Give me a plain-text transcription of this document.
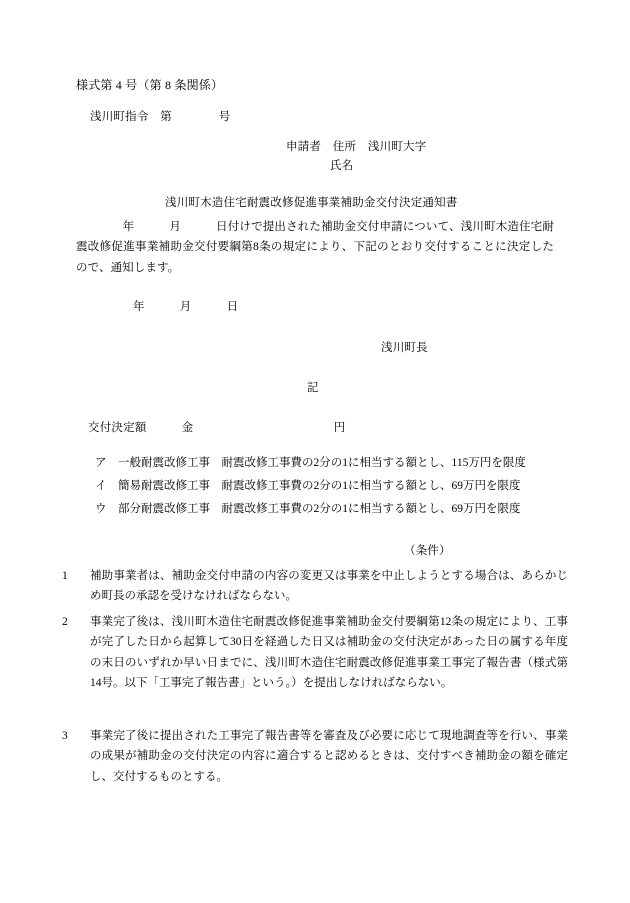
様式第 4 号（第 8 条関係）
浅川町指令　第　　　　号
申請者　住所　浅川町大字
氏名
浅川町木造住宅耐震改修促進事業補助金交付決定通知書
　　　　年　　　月　　　日付けで提出された補助金交付申請について、浅川町木造住宅耐震改修促進事業補助金交付要綱第8条の規定により、下記のとおり交付することに決定したので、通知します。
年　　　月　　　日
浅川町長
記
交付決定額　　　金　　　　　　　　　　　　円
ア　 一般耐震改修工事　 耐震改修工事費の2分の1に相当する額とし、115万円を限度
イ　 簡易耐震改修工事　 耐震改修工事費の2分の1に相当する額とし、69万円を限度
ウ　 部分耐震改修工事　 耐震改修工事費の2分の1に相当する額とし、69万円を限度
（条件）
1	補助事業者は、補助金交付申請の内容の変更又は事業を中止しようとする場合は、あらかじめ町長の承認を受けなければならない。
2	事業完了後は、浅川町木造住宅耐震改修促進事業補助金交付要綱第12条の規定により、工事が完了した日から起算して30日を経過した日又は補助金の交付決定があった日の属する年度の末日のいずれか早い日までに、浅川町木造住宅耐震改修促進事業工事完了報告書（様式第14号。以下「工事完了報告書」という。）を提出しなければならない。
3	事業完了後に提出された工事完了報告書等を審査及び必要に応じて現地調査等を行い、事業の成果が補助金の交付決定の内容に適合すると認めるときは、交付すべき補助金の額を確定し、交付するものとする。
